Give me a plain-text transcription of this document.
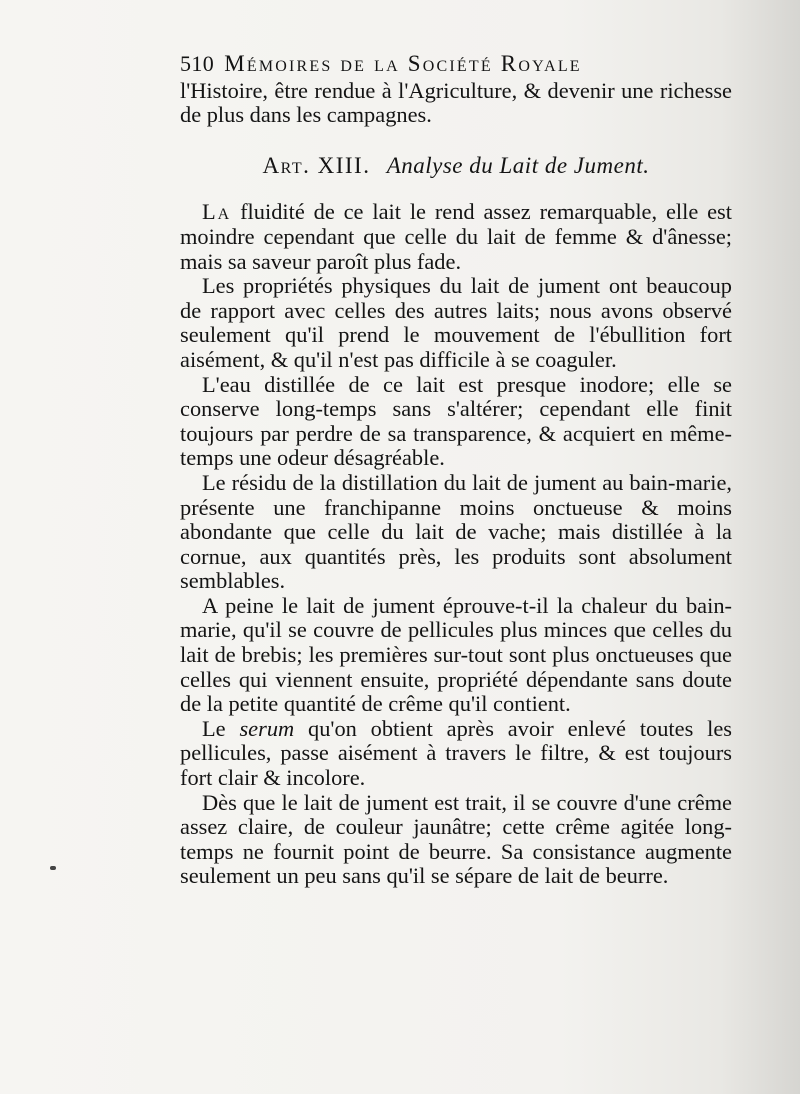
510 Mémoires de la Société Royale

l'Histoire, être rendue à l'Agriculture, & devenir une richesse de plus dans les campagnes.

Art. XIII. Analyse du Lait de Jument.

La fluidité de ce lait le rend assez remarquable, elle est moindre cependant que celle du lait de femme & d'ânesse; mais sa saveur paroît plus fade.

Les propriétés physiques du lait de jument ont beaucoup de rapport avec celles des autres laits; nous avons observé seulement qu'il prend le mouvement de l'ébullition fort aisément, & qu'il n'est pas difficile à se coaguler.

L'eau distillée de ce lait est presque inodore; elle se conserve long-temps sans s'altérer; cependant elle finit toujours par perdre de sa transparence, & acquiert en même-temps une odeur désagréable.

Le résidu de la distillation du lait de jument au bain-marie, présente une franchipanne moins onctueuse & moins abondante que celle du lait de vache; mais distillée à la cornue, aux quantités près, les produits sont absolument semblables.

A peine le lait de jument éprouve-t-il la chaleur du bain-marie, qu'il se couvre de pellicules plus minces que celles du lait de brebis; les premières sur-tout sont plus onctueuses que celles qui viennent ensuite, propriété dépendante sans doute de la petite quantité de crême qu'il contient.

Le serum qu'on obtient après avoir enlevé toutes les pellicules, passe aisément à travers le filtre, & est toujours fort clair & incolore.

Dès que le lait de jument est trait, il se couvre d'une crême assez claire, de couleur jaunâtre; cette crême agitée long-temps ne fournit point de beurre. Sa consistance augmente seulement un peu sans qu'il se sépare de lait de beurre.
